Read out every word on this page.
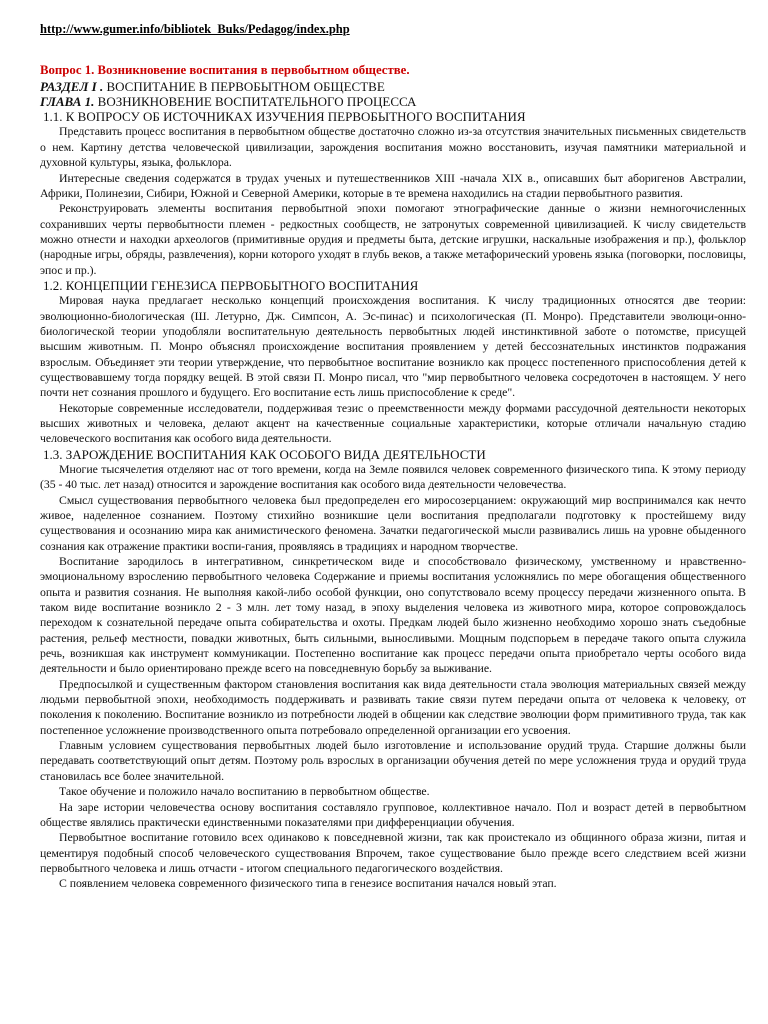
http://www.gumer.info/bibliotek_Buks/Pedagog/index.php
Вопрос 1. Возникновение воспитания в первобытном обществе.
РАЗДЕЛ I . ВОСПИТАНИЕ В ПЕРВОБЫТНОМ ОБЩЕСТВЕ
ГЛАВА 1. ВОЗНИКНОВЕНИЕ ВОСПИТАТЕЛЬНОГО ПРОЦЕССА
1.1. К ВОПРОСУ ОБ ИСТОЧНИКАХ ИЗУЧЕНИЯ ПЕРВОБЫТНОГО ВОСПИТАНИЯ

Представить процесс воспитания в первобытном обществе достаточно сложно из-за отсутствия значительных письменных свидетельств о нем. Картину детства человеческой цивилизации, зарождения воспитания можно восстановить, изучая памятники материальной и духовной культуры, языка, фольклора.

Интересные сведения содержатся в трудах ученых и путешественников XIII -начала XIX в., описавших быт аборигенов Австралии, Африки, Полинезии, Сибири, Южной и Северной Америки, которые в те времена находились на стадии первобытного развития.

Реконструировать элементы воспитания первобытной эпохи помогают этнографические данные о жизни немногочисленных сохранивших черты первобытности племен - редкостных сообществ, не затронутых современной цивилизацией. К числу свидетельств можно отнести и находки археологов (примитивные орудия и предметы быта, детские игрушки, наскальные изображения и пр.), фольклор (народные игры, обряды, развлечения), корни которого уходят в глубь веков, а также метафорический уровень языка (поговорки, пословицы, эпос и пр.).

1.2. КОНЦЕПЦИИ ГЕНЕЗИСА ПЕРВОБЫТНОГО ВОСПИТАНИЯ

Мировая наука предлагает несколько концепций происхождения воспитания. К числу традиционных относятся две теории: эволюционно-биологическая (Ш. Летурно, Дж. Симпсон, А. Эс-пинас) и психологическая (П. Монро). Представители эволюци-онно-биологической теории уподобляли воспитательную деятельность первобытных людей инстинктивной заботе о потомстве, присущей высшим животным. П. Монро объяснял происхождение воспитания проявлением у детей бессознательных инстинктов подражания взрослым. Объединяет эти теории утверждение, что первобытное воспитание возникло как процесс постепенного приспособления детей к существовавшему тогда порядку вещей. В этой связи П. Монро писал, что "мир первобытного человека сосредоточен в настоящем. У него почти нет сознания прошлого и будущего. Его воспитание есть лишь приспособление к среде".

Некоторые современные исследователи, поддерживая тезис о преемственности между формами рассудочной деятельности некоторых высших животных и человека, делают акцент на качественные социальные характеристики, которые отличали начальную стадию человеческого воспитания как особого вида деятельности.

1.3. ЗАРОЖДЕНИЕ ВОСПИТАНИЯ КАК ОСОБОГО ВИДА ДЕЯТЕЛЬНОСТИ

Многие тысячелетия отделяют нас от того времени, когда на Земле появился человек современного физического типа. К этому периоду (35 - 40 тыс. лет назад) относится и зарождение воспитания как особого вида деятельности человечества.

Смысл существования первобытного человека был предопределен его миросозерцанием: окружающий мир воспринимался как нечто живое, наделенное сознанием. Поэтому стихийно возникшие цели воспитания предполагали подготовку к простейшему виду существования и осознанию мира как анимистического феномена. Зачатки педагогической мысли развивались лишь на уровне обыденного сознания как отражение практики воспи-гания, проявляясь в традициях и народном творчестве.

Воспитание зародилось в интегративном, синкретическом виде и способствовало физическому, умственному и нравственно-эмоциональному взрослению первобытного человека Содержание и приемы воспитания усложнялись по мере обогащения общественного опыта и развития сознания. Не выполняя какой-либо особой функции, оно сопутствовало всему процессу передачи жизненного опыта. В таком виде воспитание возникло 2 - 3 млн. лет тому назад, в эпоху выделения человека из животного мира, которое сопровождалось переходом к сознательной передаче опыта собирательства и охоты. Предкам людей было жизненно необходимо хорошо знать съедобные растения, рельеф местности, повадки животных, быть сильными, выносливыми. Мощным подспорьем в передаче такого опыта служила речь, возникшая как инструмент коммуникации. Постепенно воспитание как процесс передачи опыта приобретало черты особого вида деятельности и было ориентировано прежде всего на повседневную борьбу за выживание.

Предпосылкой и существенным фактором становления воспитания как вида деятельности стала эволюция материальных связей между людьми первобытной эпохи, необходимость поддерживать и развивать такие связи путем передачи опыта от человека к человеку, от поколения к поколению. Воспитание возникло из потребности людей в общении как следствие эволюции форм примитивного труда, так как постепенное усложнение производственного опыта потребовало определенной организации его усвоения.

Главным условием существования первобытных людей было изготовление и использование орудий труда. Старшие должны были передавать соответствующий опыт детям. Поэтому роль взрослых в организации обучения детей по мере усложнения труда и орудий труда становилась все более значительной.

Такое обучение и положило начало воспитанию в первобытном обществе.

На заре истории человечества основу воспитания составляло групповое, коллективное начало. Пол и возраст детей в первобытном обществе являлись практически единственными показателями при дифференциации обучения.

Первобытное воспитание готовило всех одинаково к повседневной жизни, так как проистекало из общинного образа жизни, питая и цементируя подобный способ человеческого существования Впрочем, такое существование было прежде всего следствием всей жизни первобытного человека и лишь отчасти - итогом специального педагогического воздействия.

С появлением человека современного физического типа в генезисе воспитания начался новый этап.
